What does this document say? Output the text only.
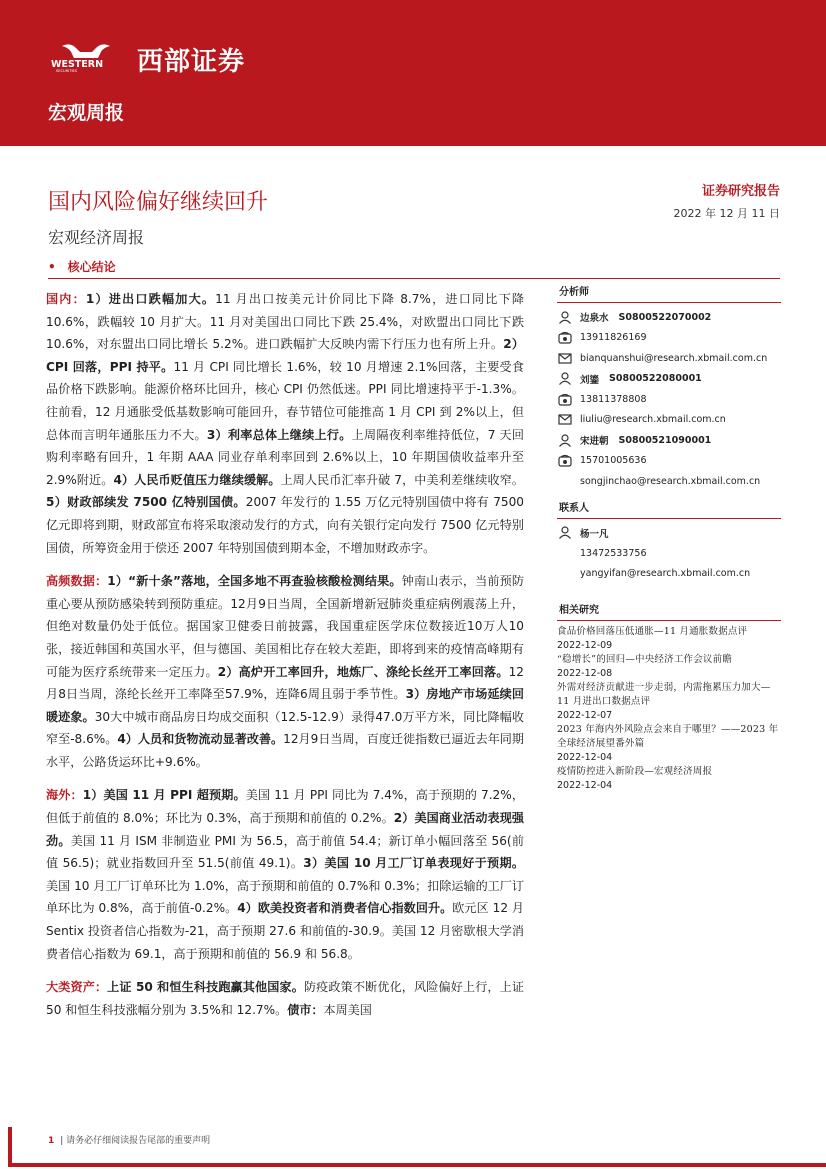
WESTERN
SECURITIES 西部证券
宏观周报
国内风险偏好继续回升
宏观经济周报
证券研究报告
2022 年 12 月 11 日
• 核心结论

国内：1）进出口跌幅加大。11 月出口按美元计价同比下降 8.7%，进口同比下降 10.6%，跌幅较 10 月扩大。11 月对美国出口同比下跌 25.4%，对欧盟出口同比下跌 10.6%，对东盟出口同比增长 5.2%。进口跌幅扩大反映内需下行压力也有所上升。2）CPI 回落，PPI 持平。11 月 CPI 同比增长 1.6%，较 10 月增速 2.1%回落，主要受食品价格下跌影响。能源价格环比回升，核心 CPI 仍然低迷。PPI 同比增速持平于-1.3%。往前看，12 月通胀受低基数影响可能回升，春节错位可能推高 1 月 CPI 到 2%以上，但总体而言明年通胀压力不大。3）利率总体上继续上行。上周隔夜利率维持低位，7 天回购利率略有回升，1 年期 AAA 同业存单利率回到 2.6%以上，10 年期国债收益率升至 2.9%附近。4）人民币贬值压力继续缓解。上周人民币汇率升破 7，中美利差继续收窄。5）财政部续发 7500 亿特别国债。2007 年发行的 1.55 万亿元特别国债中将有 7500 亿元即将到期，财政部宣布将采取滚动发行的方式，向有关银行定向发行 7500 亿元特别国债，所筹资金用于偿还 2007 年特别国债到期本金，不增加财政赤字。

高频数据：1）“新十条”落地，全国多地不再查验核酸检测结果。钟南山表示，当前预防重心要从预防感染转到预防重症。12月9日当周，全国新增新冠肺炎重症病例震荡上升，但绝对数量仍处于低位。据国家卫健委日前披露，我国重症医学床位数接近10万人10张，接近韩国和英国水平，但与德国、美国相比存在较大差距，即将到来的疫情高峰期有可能为医疗系统带来一定压力。2）高炉开工率回升，地炼厂、涤纶长丝开工率回落。12月8日当周，涤纶长丝开工率降至57.9%，连降6周且弱于季节性。3）房地产市场延续回暖迹象。30大中城市商品房日均成交面积（12.5-12.9）录得47.0万平方米，同比降幅收窄至-8.6%。4）人员和货物流动显著改善。12月9日当周，百度迁徙指数已逼近去年同期水平，公路货运环比+9.6%。

海外：1）美国 11 月 PPI 超预期。美国 11 月 PPI 同比为 7.4%，高于预期的 7.2%，但低于前值的 8.0%；环比为 0.3%，高于预期和前值的 0.2%。2）美国商业活动表现强劲。美国 11 月 ISM 非制造业 PMI 为 56.5，高于前值 54.4；新订单小幅回落至 56(前值 56.5)；就业指数回升至 51.5(前值 49.1)。3）美国 10 月工厂订单表现好于预期。美国 10 月工厂订单环比为 1.0%，高于预期和前值的 0.7%和 0.3%；扣除运输的工厂订单环比为 0.8%，高于前值-0.2%。4）欧美投资者和消费者信心指数回升。欧元区 12 月 Sentix 投资者信心指数为-21，高于预期 27.6 和前值的-30.9。美国 12 月密歇根大学消费者信心指数为 69.1，高于预期和前值的 56.9 和 56.8。

大类资产：上证 50 和恒生科技跑赢其他国家。防疫政策不断优化，风险偏好上行，上证 50 和恒生科技涨幅分别为 3.5%和 12.7%。债市：本周美国

分析师
边泉水 S0800522070002
13911826169
bianquanshui@research.xbmail.com.cn
刘鎏 S0800522080001
13811378808
liuliu@research.xbmail.com.cn
宋进朝 S0800521090001
15701005636
songjinchao@research.xbmail.com.cn
联系人
杨一凡
13472533756
yangyifan@research.xbmail.com.cn
相关研究
食品价格回落压低通胀—11 月通胀数据点评
2022-12-09
“稳增长”的回归—中央经济工作会议前瞻
2022-12-08
外需对经济贡献进一步走弱，内需拖累压力加大—11 月进出口数据点评
2022-12-07
2023 年海内外风险点会来自于哪里？——2023 年全球经济展望番外篇
2022-12-04
疫情防控进入新阶段—宏观经济周报
2022-12-04
1 | 请务必仔细阅读报告尾部的重要声明
